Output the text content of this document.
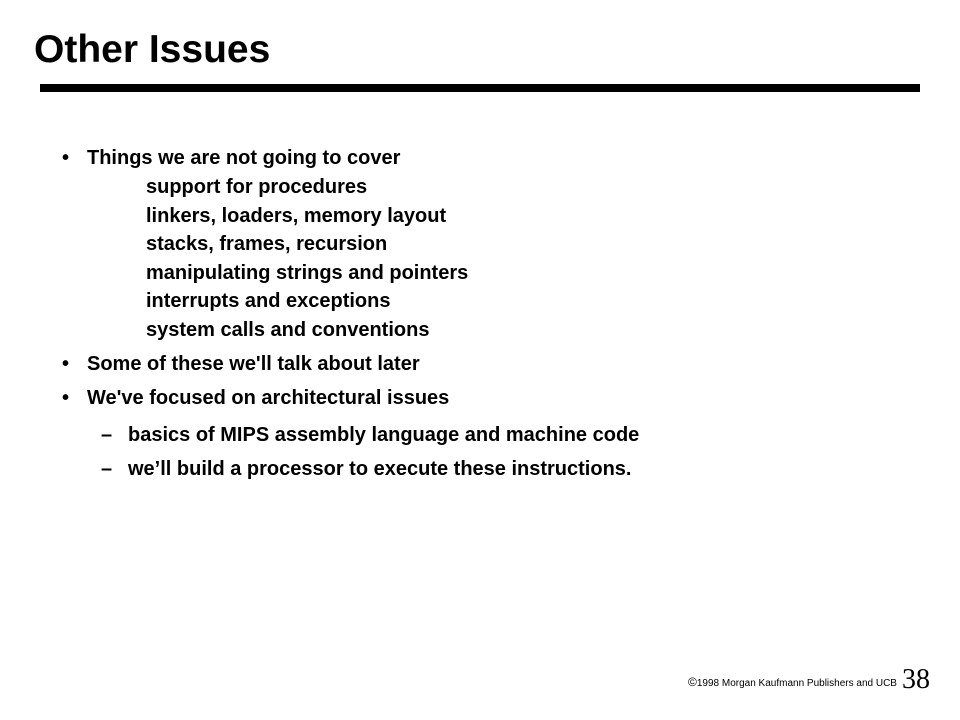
Other Issues
• Things we are not going to cover
support for procedures
linkers, loaders, memory layout
stacks, frames, recursion
manipulating strings and pointers
interrupts and exceptions
system calls and conventions
• Some of these we'll talk about later
• We've focused on architectural issues
– basics of MIPS assembly language and machine code
– we’ll build a processor to execute these instructions.
©1998 Morgan Kaufmann Publishers and UCB 38
